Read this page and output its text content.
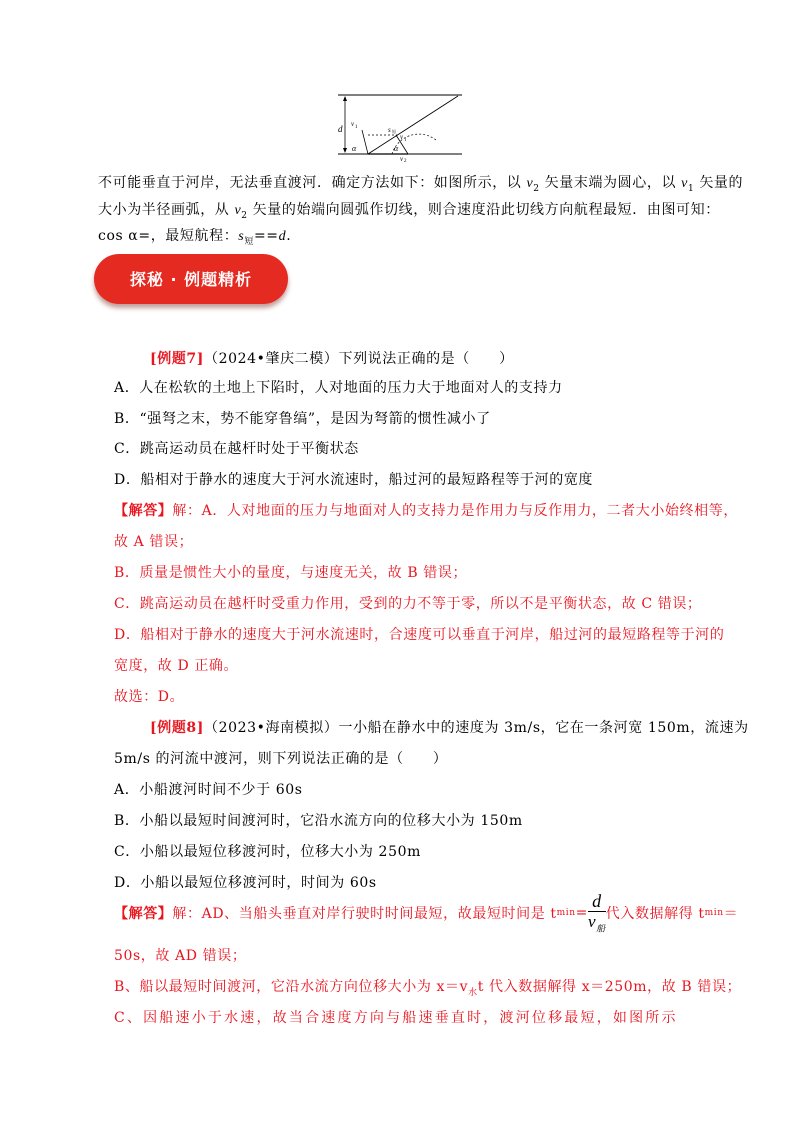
d v 1
α
s 短
v 1
α
v 2
不可能垂直于河岸，无法垂直渡河．确定方法如下：如图所示，以 $v_2$ 矢量末端为圆心，以 $v_1$ 矢量的
大小为半径画弧，从 $v_2$ 矢量的始端向圆弧作切线，则合速度沿此切线方向航程最短．由图可知：
cos α=，最短航程：$s_短==d$.
探秘 · 例题精析
[例题7]（2024•肇庆二模）下列说法正确的是（　　）
A．人在松软的土地上下陷时，人对地面的压力大于地面对人的支持力
B．“强弩之末，势不能穿鲁缟”，是因为弩箭的惯性减小了
C．跳高运动员在越杆时处于平衡状态
D．船相对于静水的速度大于河水流速时，船过河的最短路程等于河的宽度
【解答】解：A．人对地面的压力与地面对人的支持力是作用力与反作用力，二者大小始终相等，
故 A 错误；
B．质量是惯性大小的量度，与速度无关，故 B 错误；
C．跳高运动员在越杆时受重力作用，受到的力不等于零，所以不是平衡状态，故 C 错误；
D．船相对于静水的速度大于河水流速时，合速度可以垂直于河岸，船过河的最短路程等于河的
宽度，故 D 正确。
故选：D。
[例题8]（2023•海南模拟）一小船在静水中的速度为 3m/s，它在一条河宽 150m，流速为
5m/s 的河流中渡河，则下列说法正确的是（　　）
A．小船渡河时间不少于 60s
B．小船以最短时间渡河时，它沿水流方向的位移大小为 150m
C．小船以最短位移渡河时，位移大小为 250m
D．小船以最短位移渡河时，时间为 60s
【解答】 解：AD、当船头垂直对岸行驶时时间最短，故最短时间是 t $\min = \frac{d}{v_船}$ 代入数据解得 t min ＝
50s，故 AD 错误；
B、船以最短时间渡河，它沿水流方向位移大小为 $x=v_水t$ 代入数据解得 x＝250m，故 B 错误；
C、因船速小于水速，故当合速度方向与船速垂直时，渡河位移最短，如图所示
